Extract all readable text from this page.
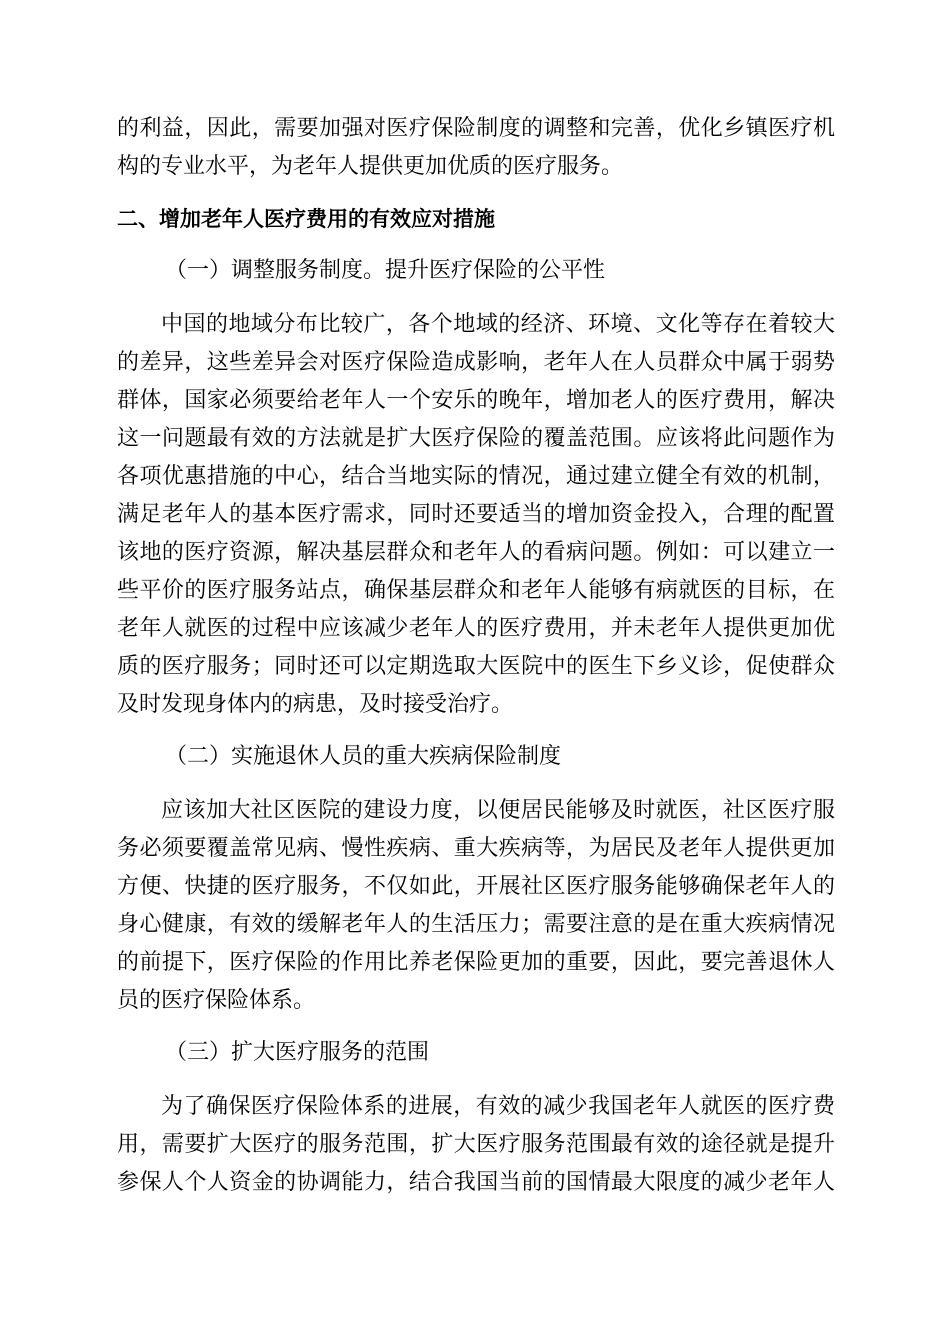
的利益，因此，需要加强对医疗保险制度的调整和完善，优化乡镇医疗机
构的专业水平，为老年人提供更加优质的医疗服务。
二、增加老年人医疗费用的有效应对措施
（一）调整服务制度。提升医疗保险的公平性
中国的地域分布比较广，各个地域的经济、环境、文化等存在着较大
的差异，这些差异会对医疗保险造成影响，老年人在人员群众中属于弱势
群体，国家必须要给老年人一个安乐的晚年，增加老人的医疗费用，解决
这一问题最有效的方法就是扩大医疗保险的覆盖范围。应该将此问题作为
各项优惠措施的中心，结合当地实际的情况，通过建立健全有效的机制，
满足老年人的基本医疗需求，同时还要适当的增加资金投入，合理的配置
该地的医疗资源，解决基层群众和老年人的看病问题。例如：可以建立一
些平价的医疗服务站点，确保基层群众和老年人能够有病就医的目标，在
老年人就医的过程中应该减少老年人的医疗费用，并未老年人提供更加优
质的医疗服务；同时还可以定期选取大医院中的医生下乡义诊，促使群众
及时发现身体内的病患，及时接受治疗。
（二）实施退休人员的重大疾病保险制度
应该加大社区医院的建设力度，以便居民能够及时就医，社区医疗服
务必须要覆盖常见病、慢性疾病、重大疾病等，为居民及老年人提供更加
方便、快捷的医疗服务，不仅如此，开展社区医疗服务能够确保老年人的
身心健康，有效的缓解老年人的生活压力；需要注意的是在重大疾病情况
的前提下，医疗保险的作用比养老保险更加的重要，因此，要完善退休人
员的医疗保险体系。
（三）扩大医疗服务的范围
为了确保医疗保险体系的进展，有效的减少我国老年人就医的医疗费
用，需要扩大医疗的服务范围，扩大医疗服务范围最有效的途径就是提升
参保人个人资金的协调能力，结合我国当前的国情最大限度的减少老年人
